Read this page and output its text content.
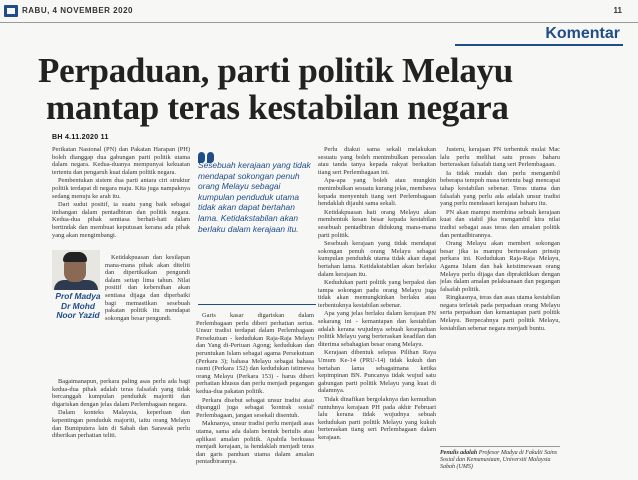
RABU, 4 NOVEMBER 2020	11
Komentar
Perpaduan, parti politik Melayu
mantap teras kestabilan negara
BH 4.11.2020 11

Perikatan Nasional (PN) dan Pakatan Harapan (PH) boleh dianggap dua gabungan parti politik utama dalam negara. Kedua-duanya mempunyai kekuatan tertentu dan pengaruh kuat dalam politik negara.

Pembentukan sistem dua parti antara ciri struktur politik terdapat di negara maju. Kita juga nampaknya sedang menuju ke arah itu.

Dari sudut positif, ia suatu yang baik sebagai imbangan dalam pentadbiran dan politik negara. Kedua-dua pihak sentiasa berhati-hati dalam bertindak dan membuat keputusan kerana ada pihak yang akan mengimbangi.

Prof Madya
Dr Mohd
Noor Yazid

Ketidakpuasan dan kesilapan mana-mana pihak akan diteliti dan dipertikaikan pengundi dalam setiap lima tahun. Nilai positif dan kebersihan akan sentiasa dijaga dan diperbaiki bagi memastikan sesebuah pakatan politik itu mendapat sokongan besar pengundi.

Bagaimanapun, perkara paling asas perlu ada bagi kedua-dua pihak adalah teras falsafah yang tidak bercanggah kumpulan penduduk majoriti dan digariskan dengan jelas dalam Perlembagaan negara.

Dalam konteks Malaysia, keperluan dan kepentingan penduduk majoriti, iaitu orang Melayu dan Bumiputera lain di Sabah dan Sarawak perlu diberikan perhatian teliti.

Sesebuah kerajaan yang tidak mendapat sokongan penuh orang Melayu sebagai kumpulan penduduk utama tidak akan dapat bertahan lama. Ketidakstabilan akan berlaku dalam kerajaan itu.

Garis kasar digariskan dalam Perlembagaan perlu diberi perhatian serius. Unsur tradisi terdapat dalam Perlembagaan Persekutuan - kedudukan Raja-Raja Melayu dan Yang di-Pertuan Agong; kedudukan dan peruntukan Islam sebagai agama Persekutuan (Perkara 3); bahasa Melayu sebagai bahasa rasmi (Perkara 152) dan kedudukan istimewa orang Melayu (Perkara 153) - harus diberi perhatian khusus dan perlu menjadi pegangan kedua-dua pakatan politik.

Perkara disebut sebagai unsur tradisi atau dipanggil juga sebagai 'kontrak sosial' Perlembagaan, jangan sesekali disentuh.

Maknanya, unsur tradisi perlu menjadi asas utama, sama ada dalam bentuk bertulis atau aplikasi amalan politik. Apabila berkuasa menjadi kerajaan, ia hendaklah menjadi teras dan garis panduan utama dalam amalan pentadbirannya.

Perlu diakui sama sekali melakukan sesuatu yang boleh menimbulkan persoalan atau tanda tanya kepada rakyat berkaitan tiang seri Perlembagaan ini.

Apa-apa yang boleh atau mungkin menimbulkan sesuatu kurang jelas, membawa kepada menyentuh tiang seri Perlembagaan hendaklah dijauhi sama sekali.

Ketidakpuasan hati orang Melayu akan membentuk kesan besar kepada kestabilan sesebuah pentadbiran didukung mana-mana parti politik.

Sesebuah kerajaan yang tidak mendapat sokongan penuh orang Melayu sebagai kumpulan penduduk utama tidak akan dapat bertahan lama. Ketidakstabilan akan berlaku dalam kerajaan itu.

Kedudukan parti politik yang berpaksi dan tampa sokongan padu orang Melayu juga tidak akan memungkinkan berlaku atau terbentuknya kestabilan sebenar.

Apa yang jelas berlaku dalam kerajaan PN sekarang ini - kemantapan dan kestabilan adalah kerana wujudnya sebuah kesepaduan politik Melayu yang berteraskan keadilan dan diterima sebahagian besar orang Melayu.

Kerajaan dibentuk selepas Pilihan Raya Umum Ke-14 (PRU-14) tidak kukuh dan bertahan lama sebagaimana ketika kepimpinan BN. Puncanya tidak wujud satu gabungan parti politik Melayu yang kuat di dalamnya.

Tidak dinafikan bergolaknya dan kemudian runtuhnya kerajaan PH pada akhir Februari lalu kerana tidak wujudnya sebuah kedudukan parti politik Melayu yang kukuh berteraskan tiang seri Perlembagaan dalam kerajaan.

Justeru, kerajaan PN terbentuk mulai Mac lalu perlu melihat satu proses baharu berteraskan falsafah tiang seri Perlembagaan.

Ia tidak mudah dan perlu mengambil beberapa tempoh masa tertentu bagi mencapai tahap kestabilan sebenar. Teras utama dan falsafah yang perlu ada adalah unsur tradisi yang perlu mendasari kerajaan baharu itu.

PN akan mampu membina sebuah kerajaan kuat dan stabil jika mengambil kira nilai tradisi sebagai asas teras dan amalan politik dan pentadbirannya.

Orang Melayu akan memberi sokongan besar jika ia mampu berteraskan prinsip perkara ini. Kedudukan Raja-Raja Melayu, Agama Islam dan hak keistimewaan orang Melayu perlu dijaga dan dipraktikkan dengan jelas dalam amalan pelaksanaan dan pegangan falsafah politik.

Ringkasnya, teras dan asas utama kestabilan negara terletak pada perpaduan orang Melayu serta perpaduan dan kemantapan parti politik Melayu. Berpecahnya parti politik Melayu, kestabilan sebenar negara menjadi buntu.

Penulis adalah Profesor Madya di Fakulti Sains Sosial dan Kemanusiaan, Universiti Malaysia Sabah (UMS)
